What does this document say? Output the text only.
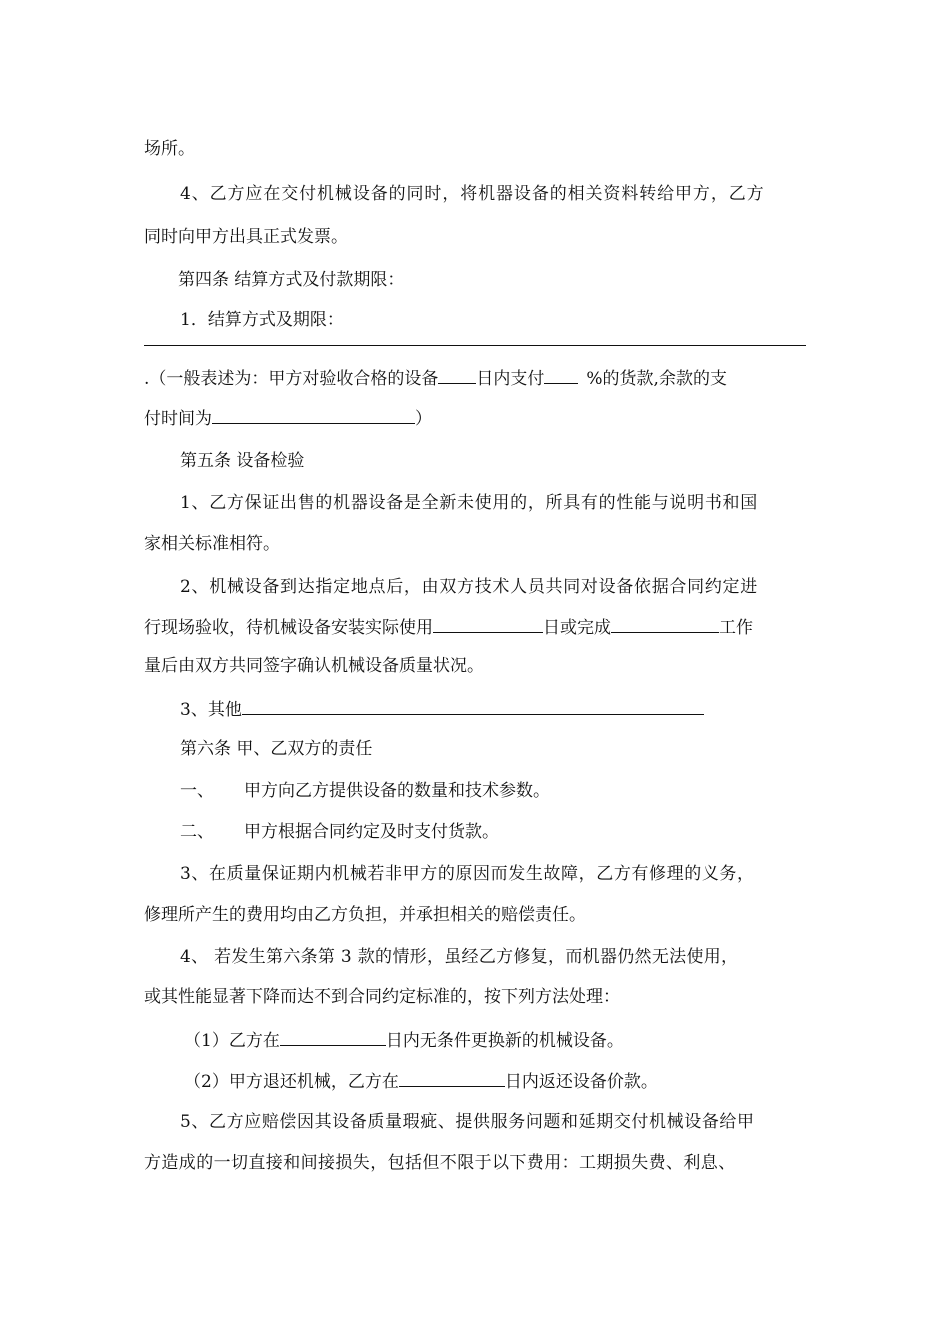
场所。
4、乙方应在交付机械设备的同时，将机器设备的相关资料转给甲方，乙方
同时向甲方出具正式发票。
第四条 结算方式及付款期限：
1．结算方式及期限：
.（一般表述为：甲方对验收合格的设备 日内支付 %的货款,余款的支
付时间为	）
第五条 设备检验
1、乙方保证出售的机器设备是全新未使用的，所具有的性能与说明书和国
家相关标准相符。
2、机械设备到达指定地点后，由双方技术人员共同对设备依据合同约定进
行现场验收，待机械设备安装实际使用	日或完成	工作
量后由双方共同签字确认机械设备质量状况。
3、其他
第六条 甲、乙双方的责任
一、 甲方向乙方提供设备的数量和技术参数。
二、 甲方根据合同约定及时支付货款。
3、在质量保证期内机械若非甲方的原因而发生故障，乙方有修理的义务，
修理所产生的费用均由乙方负担，并承担相关的赔偿责任。
4、 若发生第六条第 3 款的情形，虽经乙方修复，而机器仍然无法使用，
或其性能显著下降而达不到合同约定标准的，按下列方法处理：
（1）乙方在	日内无条件更换新的机械设备。
（2）甲方退还机械，乙方在	日内返还设备价款。
5、乙方应赔偿因其设备质量瑕疵、提供服务问题和延期交付机械设备给甲
方造成的一切直接和间接损失，包括但不限于以下费用：工期损失费、利息、
